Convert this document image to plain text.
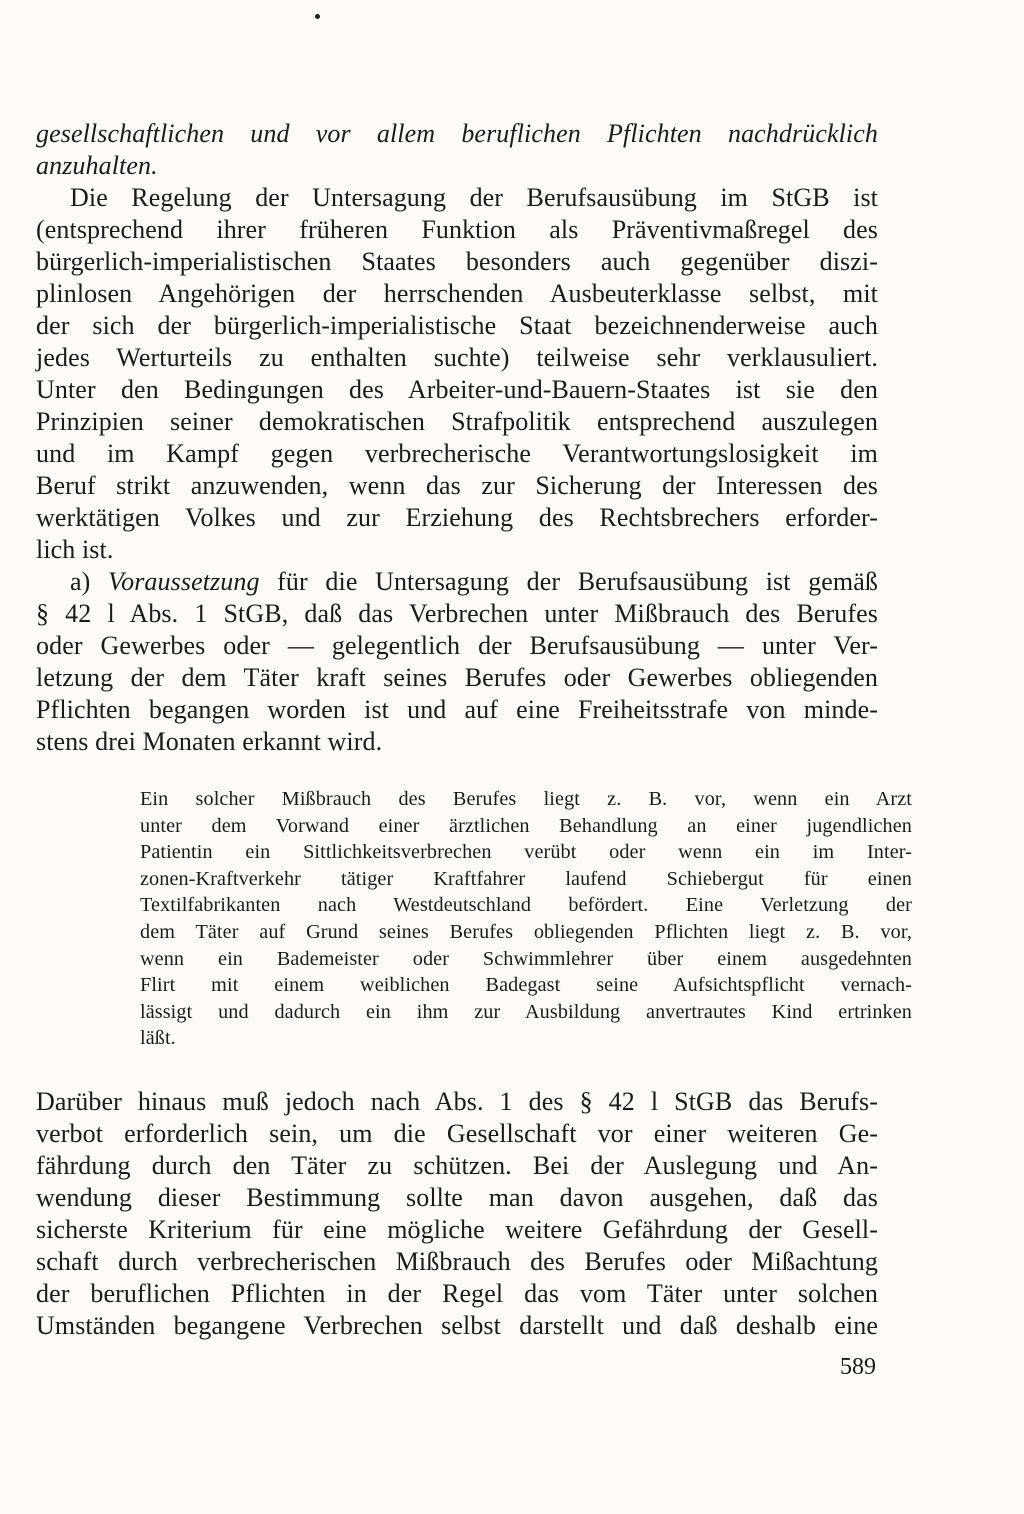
gesellschaftlichen und vor allem beruflichen Pflichten nachdrücklich
anzuhalten.
Die Regelung der Untersagung der Berufsausübung im StGB ist
(entsprechend ihrer früheren Funktion als Präventivmaßregel des
bürgerlich-imperialistischen Staates besonders auch gegenüber diszi-
plinlosen Angehörigen der herrschenden Ausbeuterklasse selbst, mit
der sich der bürgerlich-imperialistische Staat bezeichnenderweise auch
jedes Werturteils zu enthalten suchte) teilweise sehr verklausuliert.
Unter den Bedingungen des Arbeiter-und-Bauern-Staates ist sie den
Prinzipien seiner demokratischen Strafpolitik entsprechend auszulegen
und im Kampf gegen verbrecherische Verantwortungslosigkeit im
Beruf strikt anzuwenden, wenn das zur Sicherung der Interessen des
werktätigen Volkes und zur Erziehung des Rechtsbrechers erforder-
lich ist.
a) Voraussetzung für die Untersagung der Berufsausübung ist gemäß
§ 42 l Abs. 1 StGB, daß das Verbrechen unter Mißbrauch des Berufes
oder Gewerbes oder — gelegentlich der Berufsausübung — unter Ver-
letzung der dem Täter kraft seines Berufes oder Gewerbes obliegenden
Pflichten begangen worden ist und auf eine Freiheitsstrafe von minde-
stens drei Monaten erkannt wird.
Ein solcher Mißbrauch des Berufes liegt z. B. vor, wenn ein Arzt
unter dem Vorwand einer ärztlichen Behandlung an einer jugendlichen
Patientin ein Sittlichkeitsverbrechen verübt oder wenn ein im Inter-
zonen-Kraftverkehr tätiger Kraftfahrer laufend Schiebergut für einen
Textilfabrikanten nach Westdeutschland befördert. Eine Verletzung der
dem Täter auf Grund seines Berufes obliegenden Pflichten liegt z. B. vor,
wenn ein Bademeister oder Schwimmlehrer über einem ausgedehnten
Flirt mit einem weiblichen Badegast seine Aufsichtspflicht vernach-
lässigt und dadurch ein ihm zur Ausbildung anvertrautes Kind ertrinken
läßt.
Darüber hinaus muß jedoch nach Abs. 1 des § 42 l StGB das Berufs-
verbot erforderlich sein, um die Gesellschaft vor einer weiteren Ge-
fährdung durch den Täter zu schützen. Bei der Auslegung und An-
wendung dieser Bestimmung sollte man davon ausgehen, daß das
sicherste Kriterium für eine mögliche weitere Gefährdung der Gesell-
schaft durch verbrecherischen Mißbrauch des Berufes oder Mißachtung
der beruflichen Pflichten in der Regel das vom Täter unter solchen
Umständen begangene Verbrechen selbst darstellt und daß deshalb eine
589
